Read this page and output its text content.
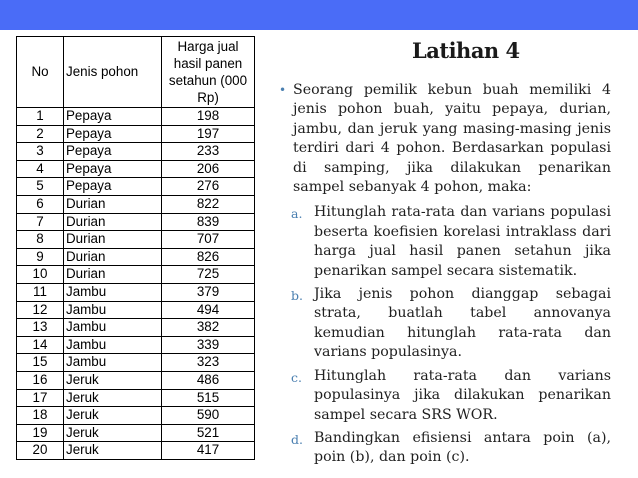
No	Jenis pohon	Harga jual
hasil panen
setahun (000
Rp)

1	Pepaya	198
2	Pepaya	197
3	Pepaya	233
4	Pepaya	206
5	Pepaya	276
6	Durian	822
7	Durian	839
8	Durian	707
9	Durian	826
10	Durian	725
11	Jambu	379
12	Jambu	494
13	Jambu	382
14	Jambu	339
15	Jambu	323
16	Jeruk	486
17	Jeruk	515
18	Jeruk	590
19	Jeruk	521
20	Jeruk	417
Latihan 4

• Seorang pemilik kebun buah memiliki 4 jenis pohon buah, yaitu pepaya, durian, jambu, dan jeruk yang masing-masing jenis terdiri dari 4 pohon. Berdasarkan populasi di samping, jika dilakukan penarikan sampel sebanyak 4 pohon, maka:

a. Hitunglah rata-rata dan varians populasi beserta koefisien korelasi intraklass dari harga jual hasil panen setahun jika penarikan sampel secara sistematik.
b. Jika jenis pohon dianggap sebagai strata, buatlah tabel annovanya kemudian hitunglah rata-rata dan varians populasinya.
c. Hitunglah rata-rata dan varians populasinya jika dilakukan penarikan sampel secara SRS WOR.
d. Bandingkan efisiensi antara poin (a), poin (b), dan poin (c).
